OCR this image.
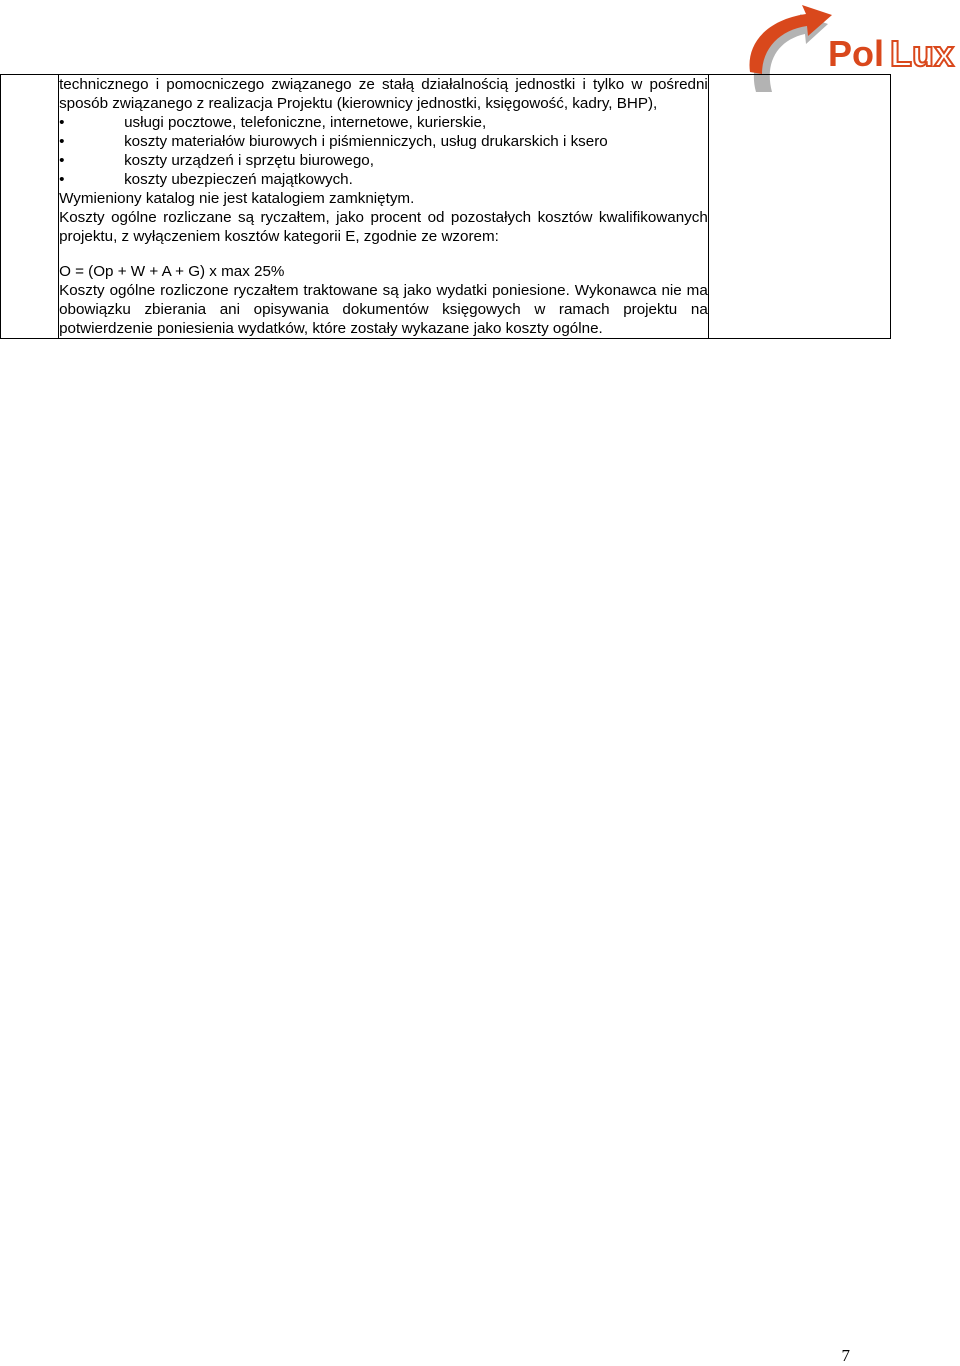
Pol Lux

technicznego i pomocniczego związanego ze stałą działalnością jednostki i tylko w pośredni sposób związanego z realizacja Projektu (kierownicy jednostki, księgowość, kadry, BHP),
•	usługi pocztowe, telefoniczne, internetowe, kurierskie,
•	koszty materiałów biurowych i piśmienniczych, usług drukarskich i ksero
•	koszty urządzeń i sprzętu biurowego,
•	koszty ubezpieczeń majątkowych.
Wymieniony katalog nie jest katalogiem zamkniętym.
Koszty ogólne rozliczane są ryczałtem, jako procent od pozostałych kosztów kwalifikowanych projektu, z wyłączeniem kosztów kategorii E, zgodnie ze wzorem:
O = (Op + W + A + G) x max 25%
Koszty ogólne rozliczone ryczałtem traktowane są jako wydatki poniesione. Wykonawca nie ma obowiązku zbierania ani opisywania dokumentów księgowych w ramach projektu na potwierdzenie poniesienia wydatków, które zostały wykazane jako koszty ogólne.

7
